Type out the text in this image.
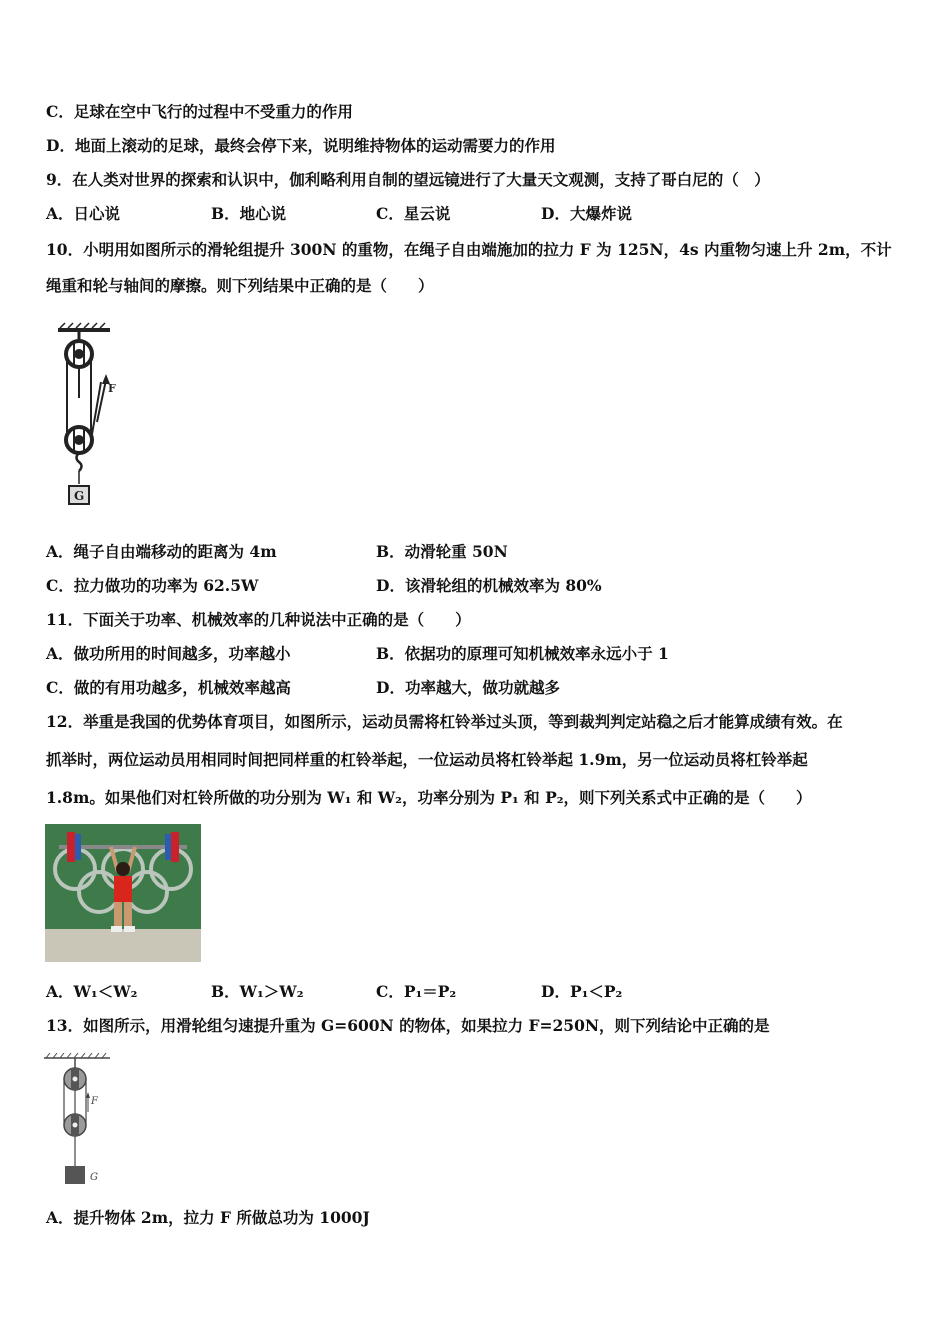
C．足球在空中飞行的过程中不受重力的作用
D．地面上滚动的足球，最终会停下来，说明维持物体的运动需要力的作用
9．在人类对世界的探索和认识中，伽利略利用自制的望远镜进行了大量天文观测，支持了哥白尼的（　）
A．日心说	B．地心说	C．星云说	D．大爆炸说
10．小明用如图所示的滑轮组提升 300N 的重物，在绳子自由端施加的拉力 F 为 125N，4s 内重物匀速上升 2m，不计
绳重和轮与轴间的摩擦。则下列结果中正确的是（　　）
F
G
A．绳子自由端移动的距离为 4m	B．动滑轮重 50N
C．拉力做功的功率为 62.5W	D．该滑轮组的机械效率为 80%
11．下面关于功率、机械效率的几种说法中正确的是（　　）
A．做功所用的时间越多，功率越小	B．依据功的原理可知机械效率永远小于 1
C．做的有用功越多，机械效率越高	D．功率越大，做功就越多
12．举重是我国的优势体育项目，如图所示，运动员需将杠铃举过头顶，等到裁判判定站稳之后才能算成绩有效。在
抓举时，两位运动员用相同时间把同样重的杠铃举起，一位运动员将杠铃举起 1.9m，另一位运动员将杠铃举起
1.8m。如果他们对杠铃所做的功分别为 W₁ 和 W₂，功率分别为 P₁ 和 P₂，则下列关系式中正确的是（　　）
A．W₁＜W₂	B．W₁＞W₂	C．P₁＝P₂	D．P₁＜P₂
13．如图所示，用滑轮组匀速提升重为 G=600N 的物体，如果拉力 F=250N，则下列结论中正确的是
F
G
A．提升物体 2m，拉力 F 所做总功为 1000J
